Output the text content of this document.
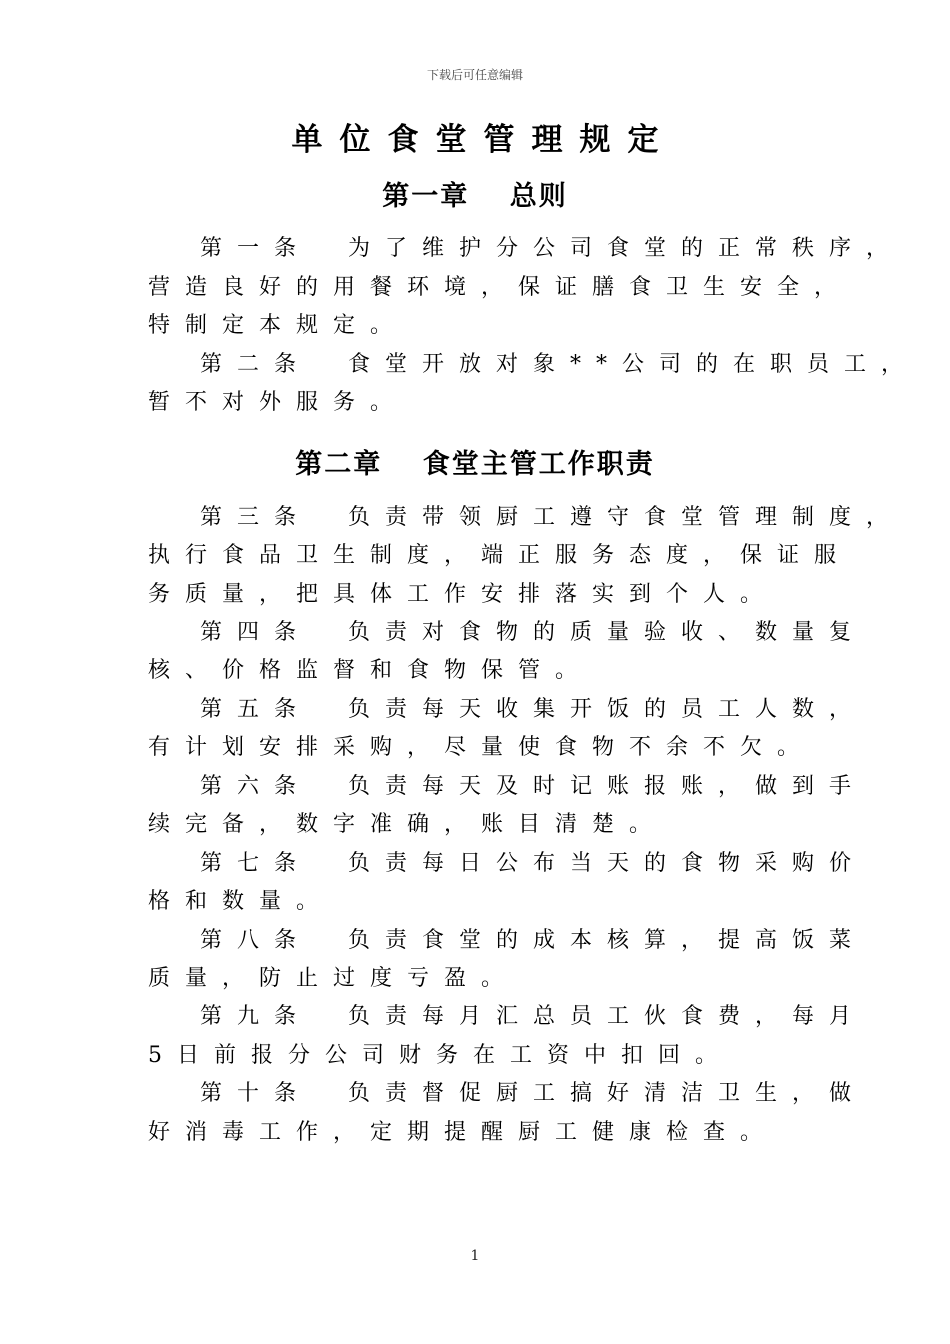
下载后可任意编辑
单位食堂管理规定
第一章　 总则
第一条　为了维护分公司食堂的正常秩序，
营造良好的用餐环境，保证膳食卫生安全，
特制定本规定。
第二条　食堂开放对象**公司的在职员工，
暂不对外服务。
第二章　 食堂主管工作职责
第三条　负责带领厨工遵守食堂管理制度，
执行食品卫生制度，端正服务态度，保证服
务质量，把具体工作安排落实到个人。
第四条　负责对食物的质量验收、数量复
核、价格监督和食物保管。
第五条　负责每天收集开饭的员工人数，
有计划安排采购，尽量使食物不余不欠。
第六条　负责每天及时记账报账，做到手
续完备，数字准确，账目清楚。
第七条　负责每日公布当天的食物采购价
格和数量。
第八条　负责食堂的成本核算，提高饭菜
质量，防止过度亏盈。
第九条　负责每月汇总员工伙食费，每月
5日前报分公司财务在工资中扣回。
第十条　负责督促厨工搞好清洁卫生，做
好消毒工作，定期提醒厨工健康检查。
1
